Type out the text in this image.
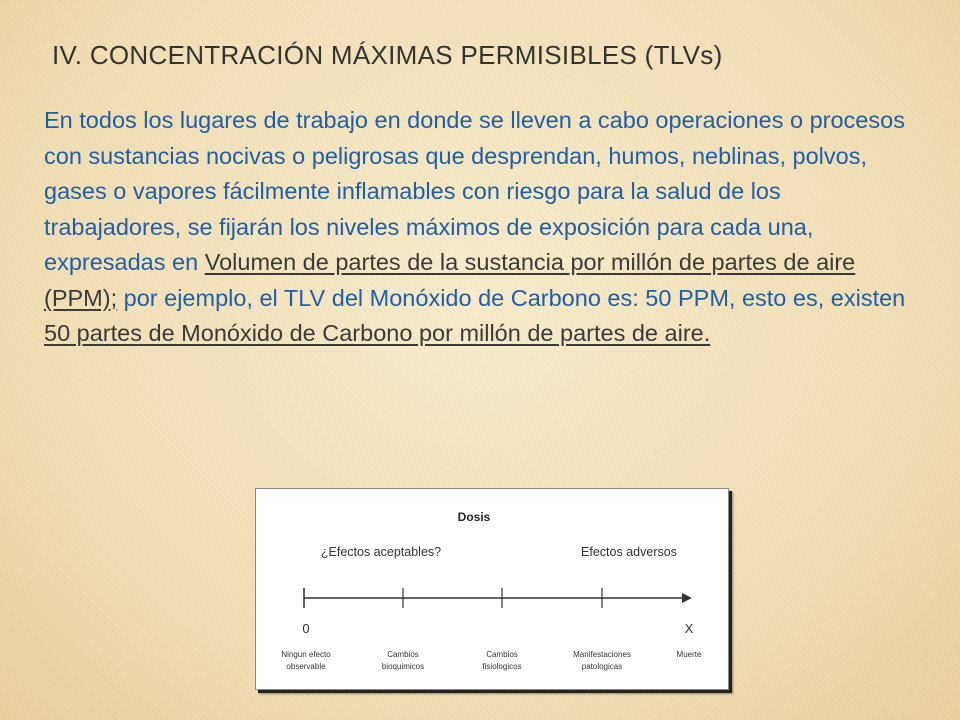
IV. CONCENTRACIÓN MÁXIMAS PERMISIBLES (TLVs)

En todos los lugares de trabajo en donde se lleven a cabo operaciones o procesos con sustancias nocivas o peligrosas que desprendan, humos, neblinas, polvos, gases o vapores fácilmente inflamables con riesgo para la salud de los trabajadores, se fijarán los niveles máximos de exposición para cada una, expresadas en Volumen de partes de la sustancia por millón de partes de aire (PPM); por ejemplo, el TLV del Monóxido de Carbono es: 50 PPM, esto es, existen 50 partes de Monóxido de Carbono por millón de partes de aire.

Dosis
¿Efectos aceptables?	Efectos adversos
0	X
Ningun efecto
observable
Cambios
bioquimicos
Cambios
fisiologicos
Manifestaciones
patologicas
Muerte
